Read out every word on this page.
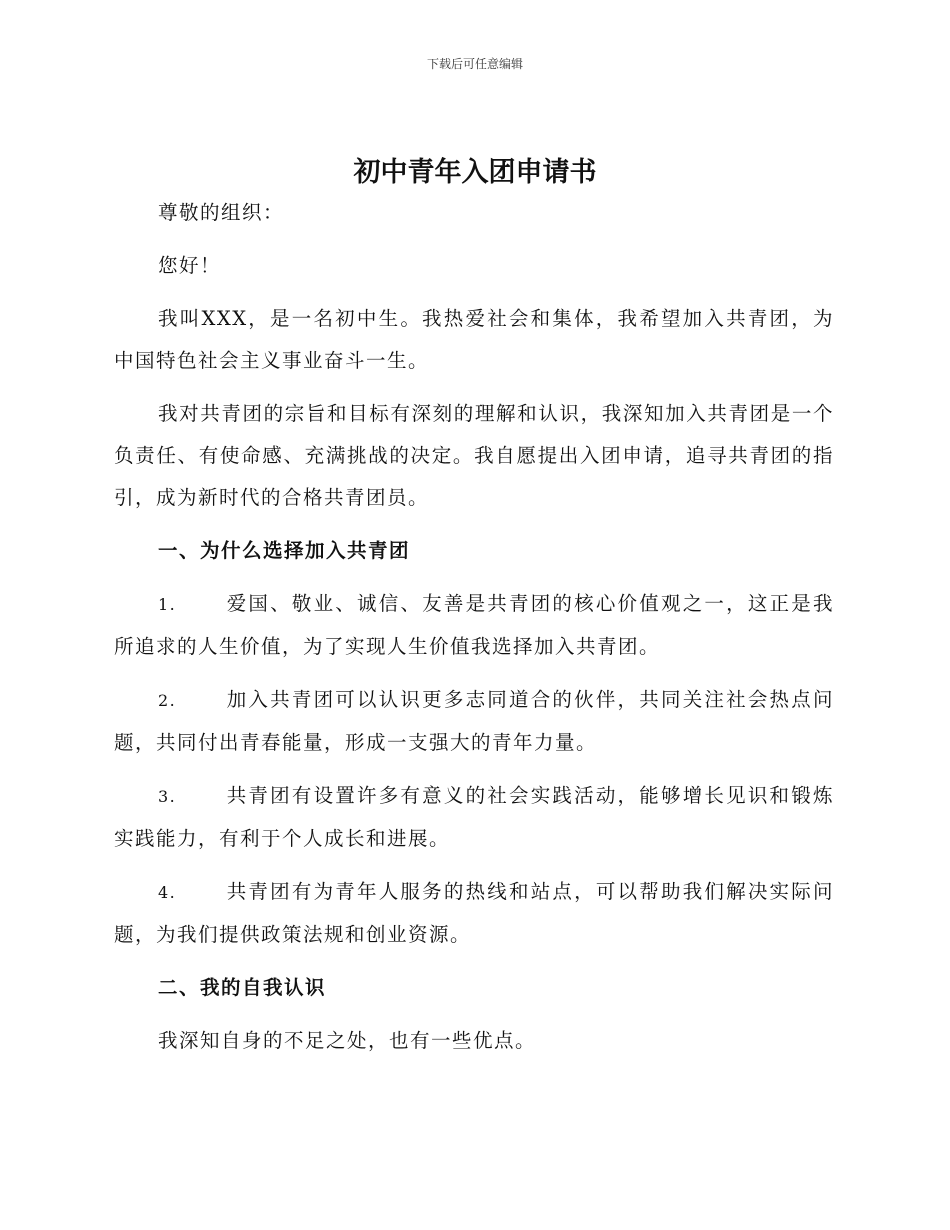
下载后可任意编辑
初中青年入团申请书

尊敬的组织：

您好！

我叫XXX，是一名初中生。我热爱社会和集体，我希望加入共青团，为中国特色社会主义事业奋斗一生。

我对共青团的宗旨和目标有深刻的理解和认识，我深知加入共青团是一个负责任、有使命感、充满挑战的决定。我自愿提出入团申请，追寻共青团的指引，成为新时代的合格共青团员。

一、为什么选择加入共青团

1.	爱国、敬业、诚信、友善是共青团的核心价值观之一，这正是我所追求的人生价值，为了实现人生价值我选择加入共青团。

2.	加入共青团可以认识更多志同道合的伙伴，共同关注社会热点问题，共同付出青春能量，形成一支强大的青年力量。

3.	共青团有设置许多有意义的社会实践活动，能够增长见识和锻炼实践能力，有利于个人成长和进展。

4.	共青团有为青年人服务的热线和站点，可以帮助我们解决实际问题，为我们提供政策法规和创业资源。

二、我的自我认识

我深知自身的不足之处，也有一些优点。
